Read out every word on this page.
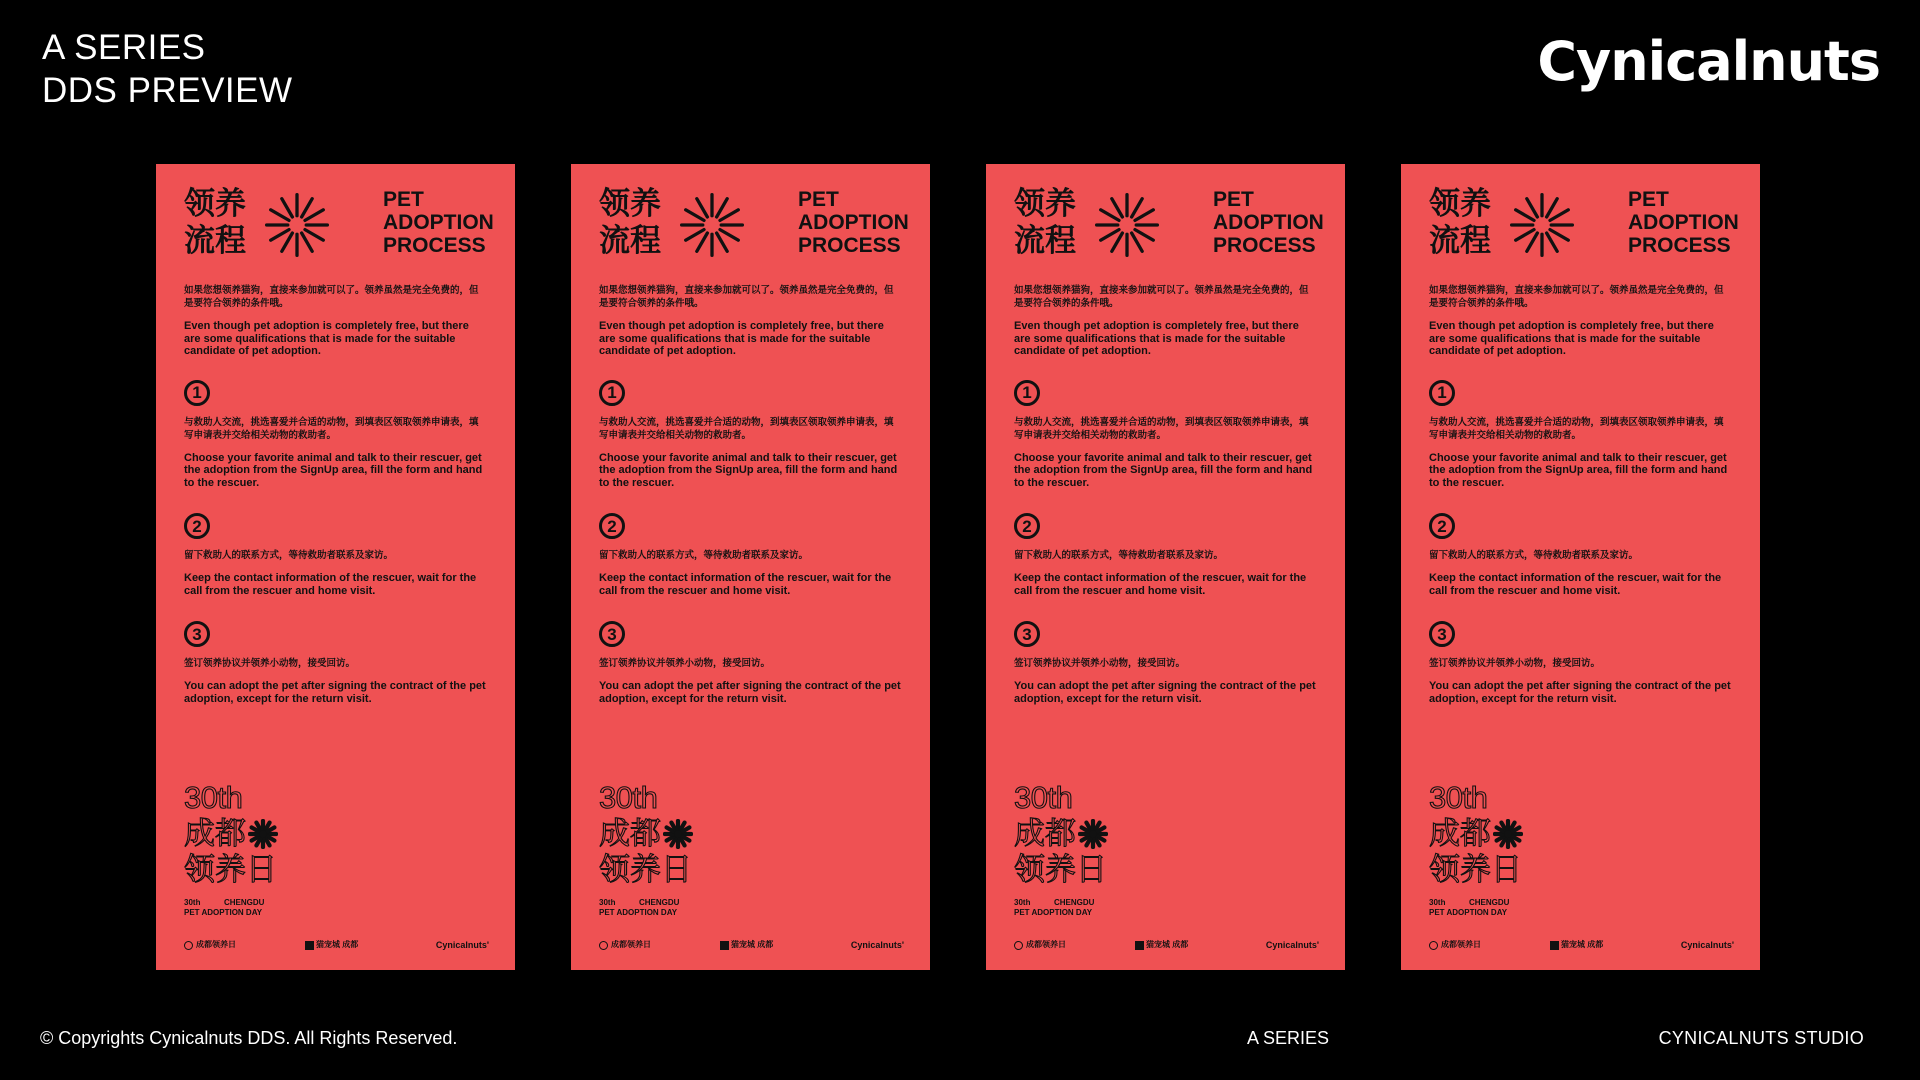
A SERIES
DDS PREVIEW	Cynicalnuts
领养
流程
PET
ADOPTION
PROCESS

如果您想领养猫狗，直接来参加就可以了。领养虽然是完全免费的，但是要符合领养的条件哦。

Even though pet adoption is completely free, but there are some qualifications that is made for the suitable candidate of pet adoption.

1

与救助人交流，挑选喜爱并合适的动物，到填表区领取领养申请表，填写申请表并交给相关动物的救助者。

Choose your favorite animal and talk to their rescuer, get the adoption from the SignUp area, fill the form and hand to the rescuer.

2

留下救助人的联系方式，等待救助者联系及家访。

Keep the contact information of the rescuer, wait for the call from the rescuer and home visit.

3

签订领养协议并领养小动物，接受回访。

You can adopt the pet after signing the contract of the pet adoption, except for the return visit.

30th
成都
领养日
30th	CHENGDU
PET ADOPTION DAY
成都领养日	猫宠城 成都	Cynicalnuts'
领养
流程
PET
ADOPTION
PROCESS

如果您想领养猫狗，直接来参加就可以了。领养虽然是完全免费的，但是要符合领养的条件哦。

Even though pet adoption is completely free, but there are some qualifications that is made for the suitable candidate of pet adoption.

1

与救助人交流，挑选喜爱并合适的动物，到填表区领取领养申请表，填写申请表并交给相关动物的救助者。

Choose your favorite animal and talk to their rescuer, get the adoption from the SignUp area, fill the form and hand to the rescuer.

2

留下救助人的联系方式，等待救助者联系及家访。

Keep the contact information of the rescuer, wait for the call from the rescuer and home visit.

3

签订领养协议并领养小动物，接受回访。

You can adopt the pet after signing the contract of the pet adoption, except for the return visit.

30th
成都
领养日
30th	CHENGDU
PET ADOPTION DAY
成都领养日	猫宠城 成都	Cynicalnuts'
领养
流程
PET
ADOPTION
PROCESS

如果您想领养猫狗，直接来参加就可以了。领养虽然是完全免费的，但是要符合领养的条件哦。

Even though pet adoption is completely free, but there are some qualifications that is made for the suitable candidate of pet adoption.

1

与救助人交流，挑选喜爱并合适的动物，到填表区领取领养申请表，填写申请表并交给相关动物的救助者。

Choose your favorite animal and talk to their rescuer, get the adoption from the SignUp area, fill the form and hand to the rescuer.

2

留下救助人的联系方式，等待救助者联系及家访。

Keep the contact information of the rescuer, wait for the call from the rescuer and home visit.

3

签订领养协议并领养小动物，接受回访。

You can adopt the pet after signing the contract of the pet adoption, except for the return visit.

30th
成都
领养日
30th	CHENGDU
PET ADOPTION DAY
成都领养日	猫宠城 成都	Cynicalnuts'
领养
流程
PET
ADOPTION
PROCESS

如果您想领养猫狗，直接来参加就可以了。领养虽然是完全免费的，但是要符合领养的条件哦。

Even though pet adoption is completely free, but there are some qualifications that is made for the suitable candidate of pet adoption.

1

与救助人交流，挑选喜爱并合适的动物，到填表区领取领养申请表，填写申请表并交给相关动物的救助者。

Choose your favorite animal and talk to their rescuer, get the adoption from the SignUp area, fill the form and hand to the rescuer.

2

留下救助人的联系方式，等待救助者联系及家访。

Keep the contact information of the rescuer, wait for the call from the rescuer and home visit.

3

签订领养协议并领养小动物，接受回访。

You can adopt the pet after signing the contract of the pet adoption, except for the return visit.

30th
成都
领养日
30th	CHENGDU
PET ADOPTION DAY
成都领养日	猫宠城 成都	Cynicalnuts'
© Copyrights Cynicalnuts DDS. All Rights Reserved.	A SERIES	CYNICALNUTS STUDIO
